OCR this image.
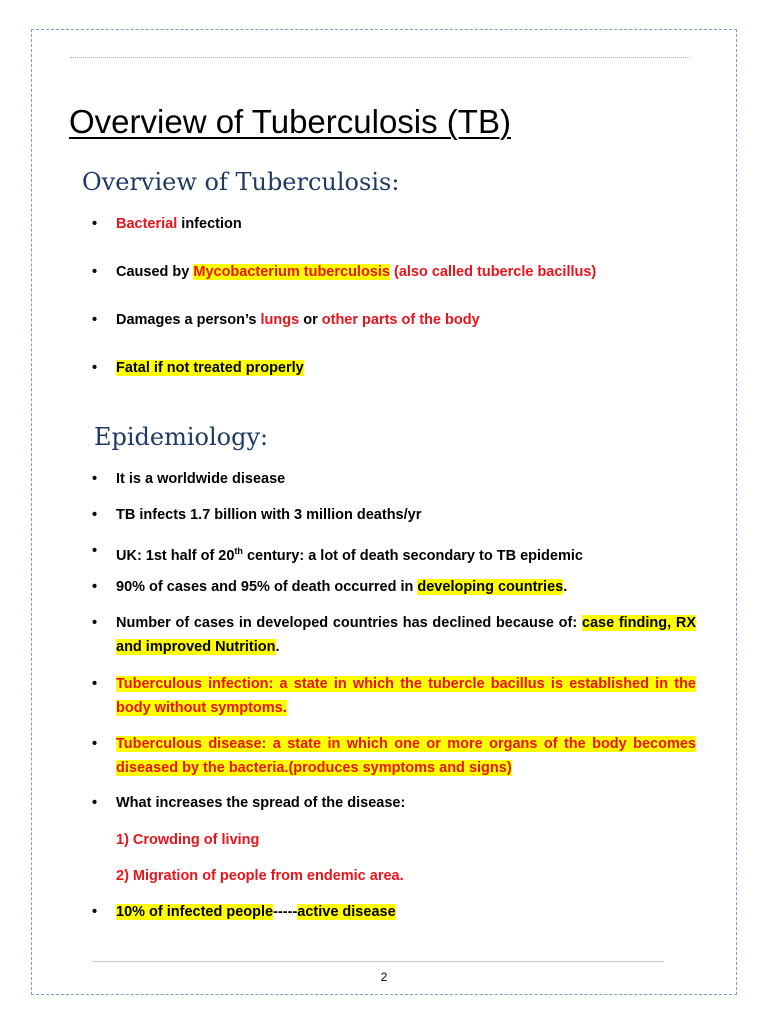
Overview of Tuberculosis (TB)
Overview of Tuberculosis:
•	Bacterial infection
•	Caused by Mycobacterium tuberculosis (also called tubercle bacillus)
•	Damages a person’s lungs or other parts of the body
•	Fatal if not treated properly
Epidemiology:
•	It is a worldwide disease
•	TB infects 1.7 billion with 3 million deaths/yr
•	UK: 1st half of 20th century: a lot of death secondary to TB epidemic
•	90% of cases and 95% of death occurred in developing countries.
•	Number of cases in developed countries has declined because of: case finding, RX and improved Nutrition.
•	Tuberculous infection: a state in which the tubercle bacillus is established in the body without symptoms.
•	Tuberculous disease: a state in which one or more organs of the body becomes diseased by the bacteria.(produces symptoms and signs)
•	What increases the spread of the disease:
1) Crowding of living
2) Migration of people from endemic area.
•	10% of infected people-----active disease
2
